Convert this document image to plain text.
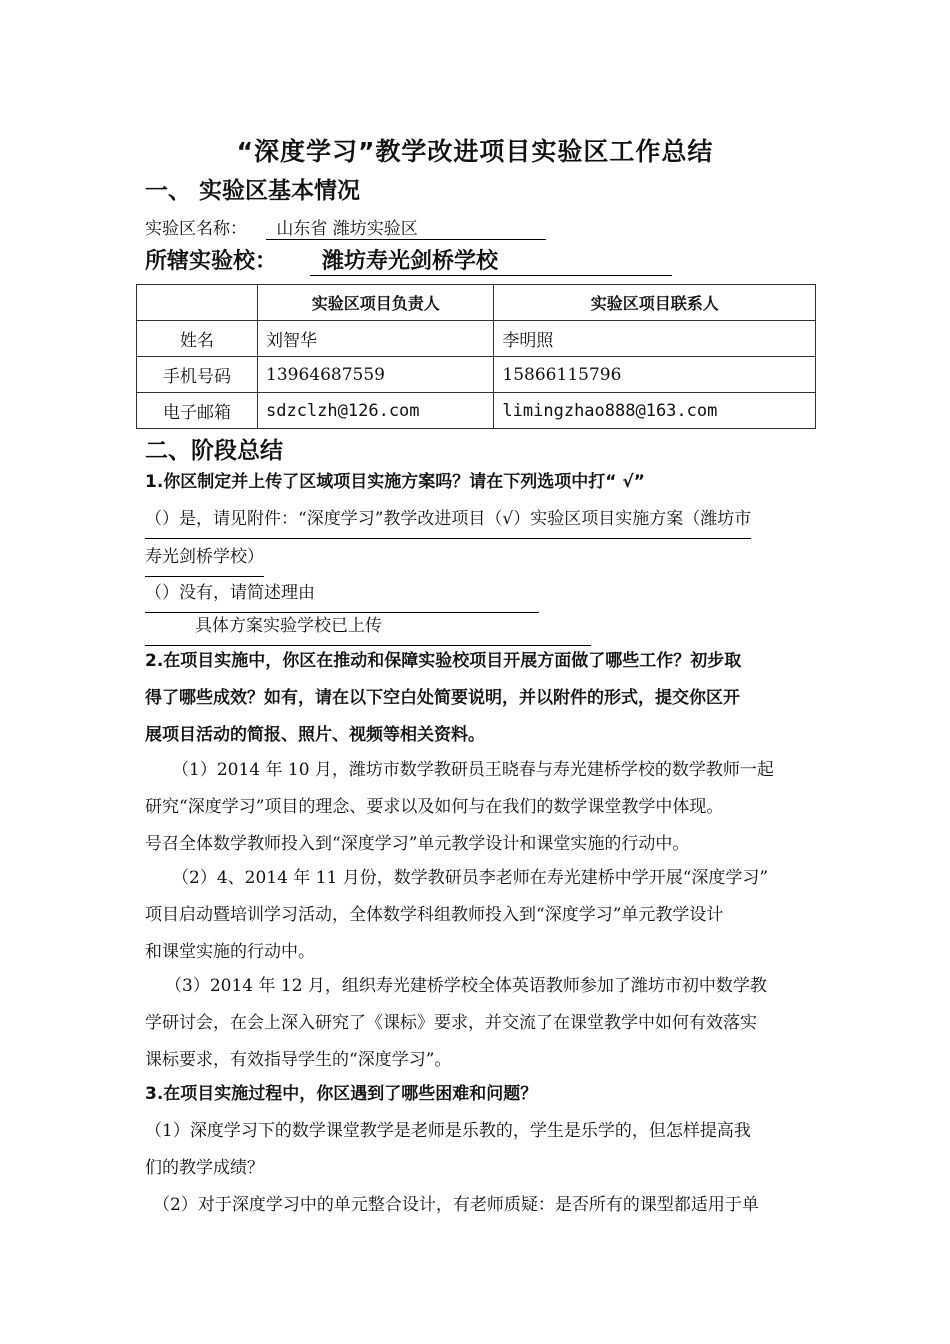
“深度学习”教学改进项目实验区工作总结
一、 实验区基本情况
实验区名称： 山东省 潍坊实验区
所辖实验校： 潍坊寿光剑桥学校
	实验区项目负责人	实验区项目联系人
姓名	刘智华	李明照
手机号码	13964687559	15866115796
电子邮箱	sdzclzh@126.com	limingzhao888@163.com
二、阶段总结
1.你区制定并上传了区域项目实施方案吗？请在下列选项中打“ √”
（）是，请见附件：“深度学习”教学改进项目（√）实验区项目实施方案（潍坊市
寿光剑桥学校）
（）没有，请简述理由
具体方案实验学校已上传
2.在项目实施中，你区在推动和保障实验校项目开展方面做了哪些工作？初步取
得了哪些成效？如有，请在以下空白处简要说明，并以附件的形式，提交你区开
展项目活动的简报、照片、视频等相关资料。
（1）2014 年 10 月，潍坊市数学教研员王晓春与寿光建桥学校的数学教师一起
研究“深度学习”项目的理念、要求以及如何与在我们的数学课堂教学中体现。
号召全体数学教师投入到“深度学习”单元教学设计和课堂实施的行动中。
（2）4、2014 年 11 月份，数学教研员李老师在寿光建桥中学开展“深度学习”
项目启动暨培训学习活动，全体数学科组教师投入到“深度学习”单元教学设计
和课堂实施的行动中。
（3）2014 年 12 月，组织寿光建桥学校全体英语教师参加了潍坊市初中数学教
学研讨会，在会上深入研究了《课标》要求，并交流了在课堂教学中如何有效落实
课标要求，有效指导学生的“深度学习”。
3.在项目实施过程中，你区遇到了哪些困难和问题？
（1）深度学习下的数学课堂教学是老师是乐教的，学生是乐学的，但怎样提高我
们的教学成绩？
（2）对于深度学习中的单元整合设计，有老师质疑：是否所有的课型都适用于单
